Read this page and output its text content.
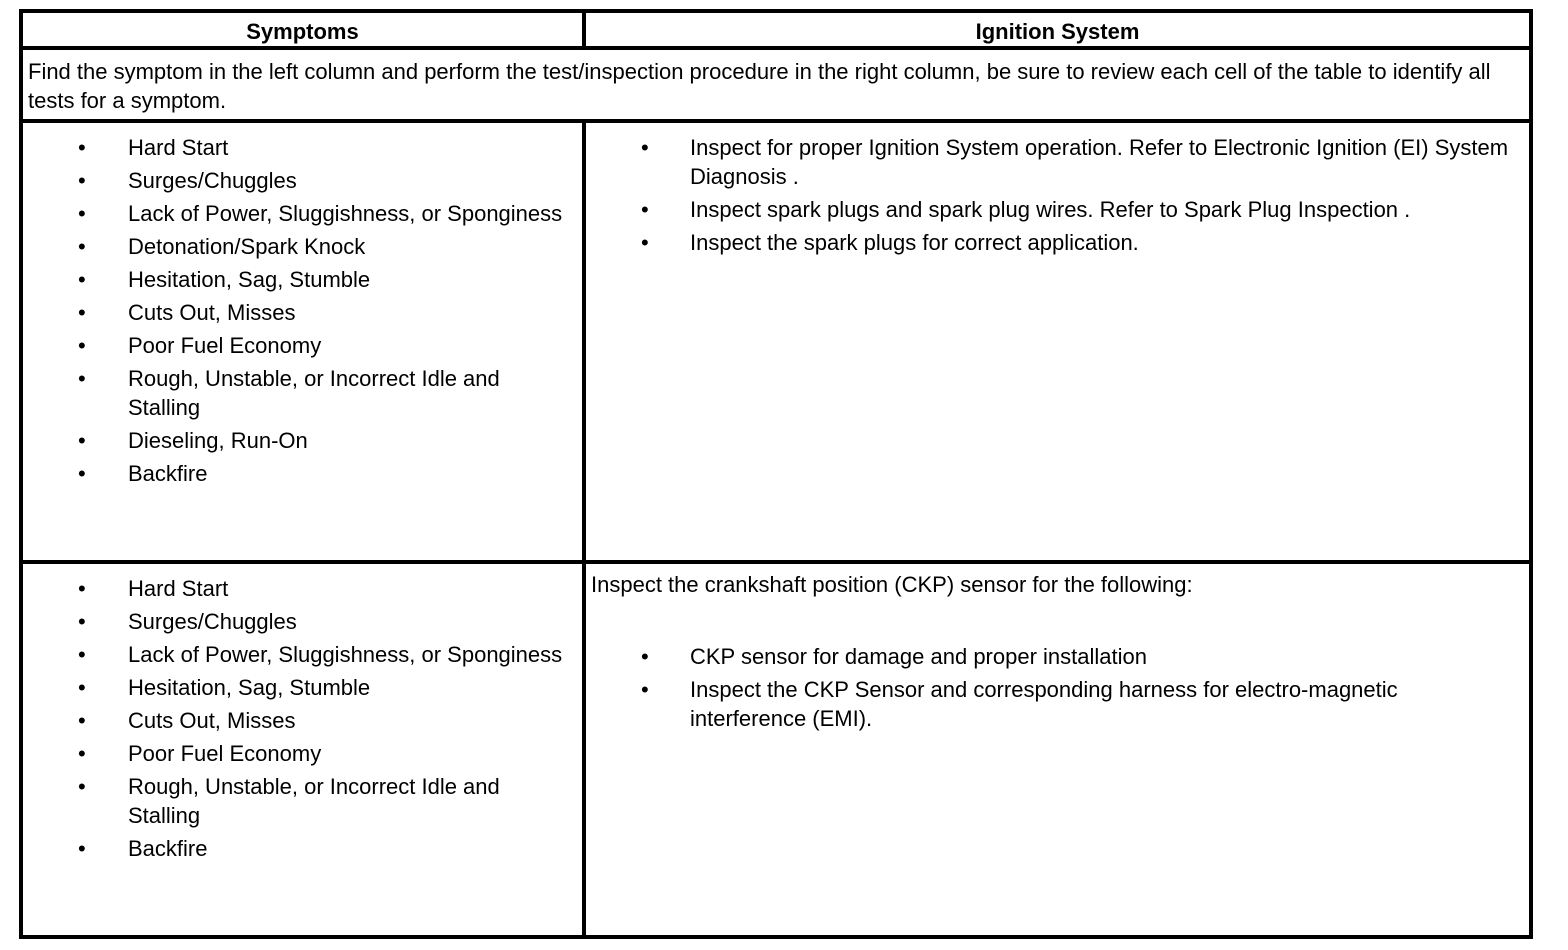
Symptoms	Ignition System
Find the symptom in the left column and perform the test/inspection procedure in the right column, be sure to review each cell of the table to identify all tests for a symptom.
• Hard Start
• Surges/Chuggles
• Lack of Power, Sluggishness, or Sponginess
• Detonation/Spark Knock
• Hesitation, Sag, Stumble
• Cuts Out, Misses
• Poor Fuel Economy
• Rough, Unstable, or Incorrect Idle and Stalling
• Dieseling, Run-On
• Backfire
• Inspect for proper Ignition System operation. Refer to Electronic Ignition (EI) System Diagnosis .
• Inspect spark plugs and spark plug wires. Refer to Spark Plug Inspection .
• Inspect the spark plugs for correct application.
• Hard Start
• Surges/Chuggles
• Lack of Power, Sluggishness, or Sponginess
• Hesitation, Sag, Stumble
• Cuts Out, Misses
• Poor Fuel Economy
• Rough, Unstable, or Incorrect Idle and Stalling
• Backfire
Inspect the crankshaft position (CKP) sensor for the following:
• CKP sensor for damage and proper installation
• Inspect the CKP Sensor and corresponding harness for electro-magnetic interference (EMI).
